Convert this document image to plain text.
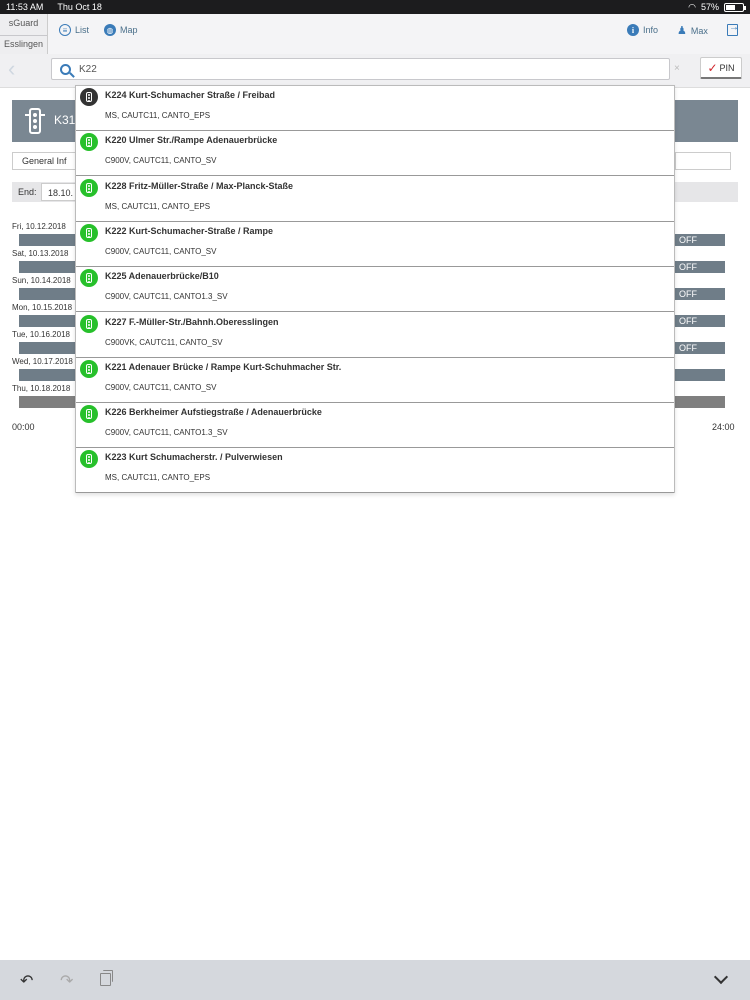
11:53 AM Thu Oct 18	◠ 57%
sGuard
Esslingen
≡ List	◍ Map	i Info ♟ Max
→
‹	K22	× ✓ PIN
K31
General Inf
End:	18.10.
Fri, 10.12.2018
OFF
Sat, 10.13.2018
OFF
Sun, 10.14.2018
OFF
Mon, 10.15.2018
OFF
Tue, 10.16.2018
OFF
Wed, 10.17.2018
Thu, 10.18.2018
00:00	24:00
K224 Kurt-Schumacher Straße / Freibad
MS, CAUTC11, CANTO_EPS
K220 Ulmer Str./Rampe Adenauerbrücke
C900V, CAUTC11, CANTO_SV
K228 Fritz-Müller-Straße / Max-Planck-Staße
MS, CAUTC11, CANTO_EPS
K222 Kurt-Schumacher-Straße / Rampe
C900V, CAUTC11, CANTO_SV
K225 Adenauerbrücke/B10
C900V, CAUTC11, CANTO1.3_SV
K227 F.-Müller-Str./Bahnh.Oberesslingen
C900VK, CAUTC11, CANTO_SV
K221 Adenauer Brücke / Rampe Kurt-Schuhmacher Str.
C900V, CAUTC11, CANTO_SV
K226 Berkheimer Aufstiegstraße / Adenauerbrücke
C900V, CAUTC11, CANTO1.3_SV
K223 Kurt Schumacherstr. / Pulverwiesen
MS, CAUTC11, CANTO_EPS
↶ ↷
